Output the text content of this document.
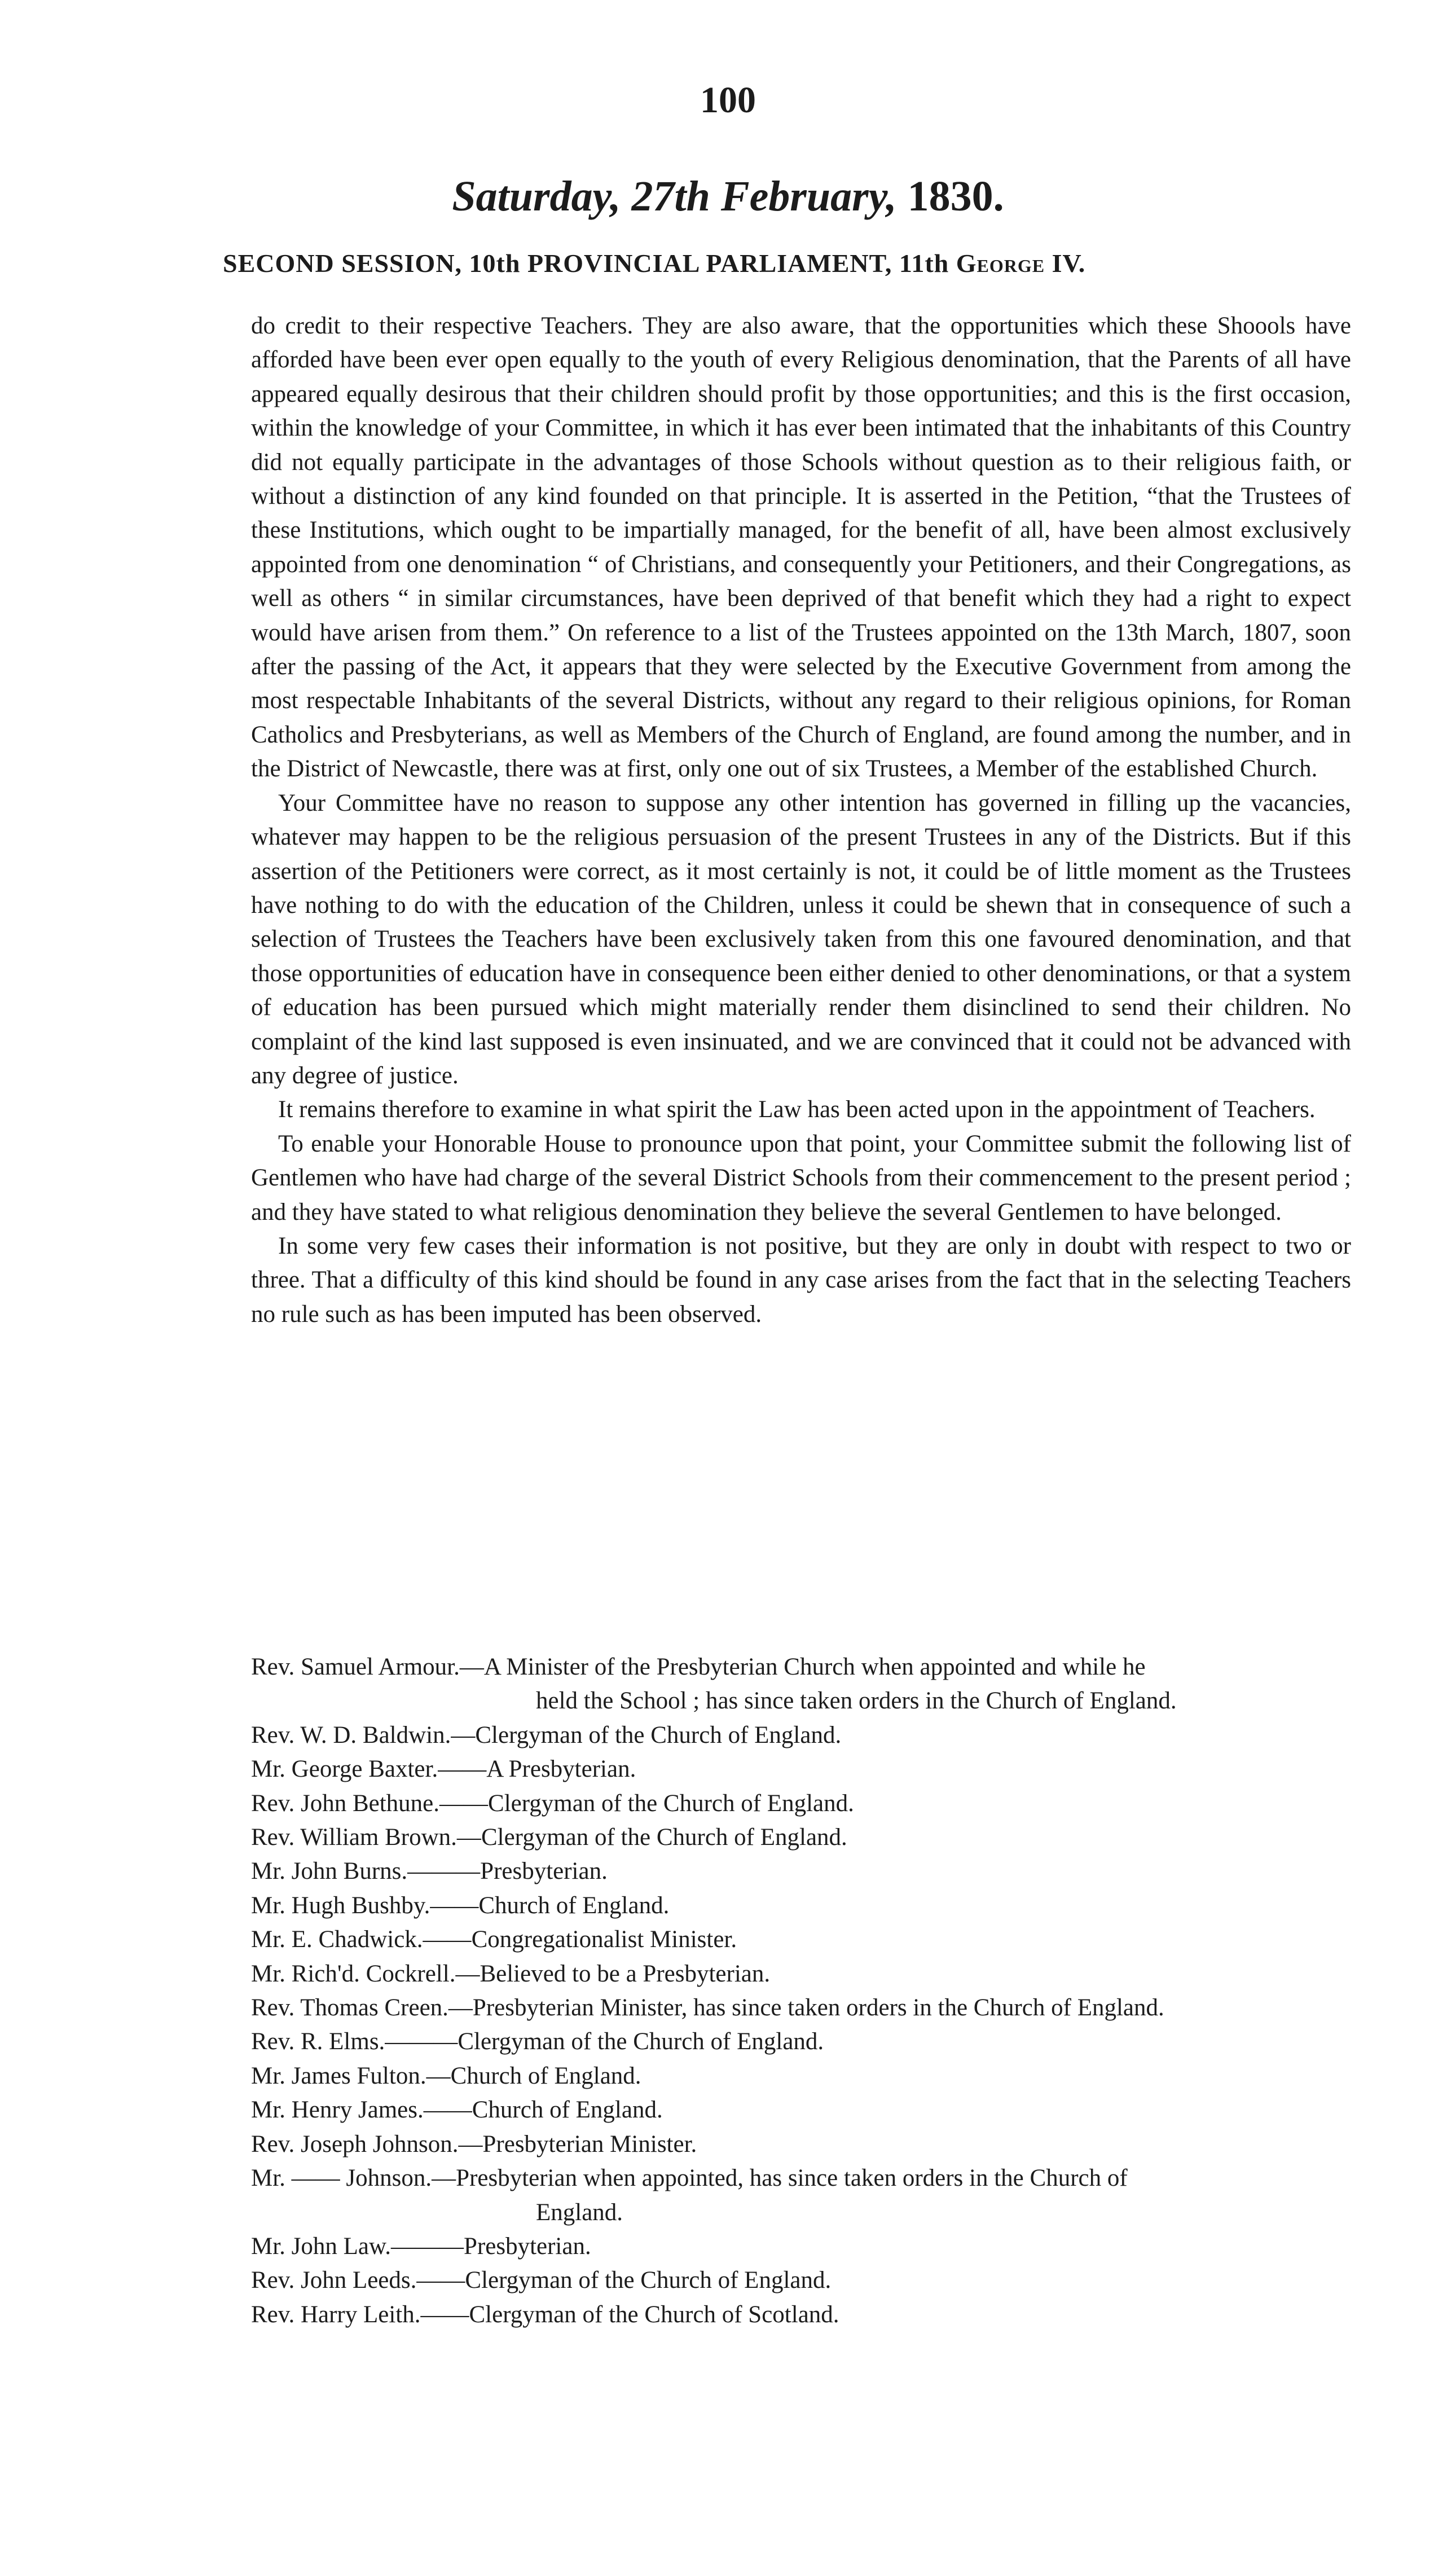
100
Saturday, 27th February, 1830.
SECOND SESSION, 10th PROVINCIAL PARLIAMENT, 11th George IV.

do credit to their respective Teachers. They are also aware, that the opportunities which these Shoools have afforded have been ever open equally to the youth of every Religious denomination, that the Parents of all have appeared equally desirous that their children should profit by those opportunities; and this is the first occasion, within the knowledge of your Committee, in which it has ever been intimated that the inhabitants of this Country did not equally participate in the advantages of those Schools without question as to their religious faith, or without a distinction of any kind founded on that principle. It is asserted in the Petition, “that the Trustees of these Institutions, which ought to be impartially managed, for the benefit of all, have been almost exclusively appointed from one denomination “ of Christians, and consequently your Petitioners, and their Congregations, as well as others “ in similar circumstances, have been deprived of that benefit which they had a right to expect would have arisen from them.” On reference to a list of the Trustees appointed on the 13th March, 1807, soon after the passing of the Act, it appears that they were selected by the Executive Government from among the most respectable Inhabitants of the several Districts, without any regard to their religious opinions, for Roman Catholics and Presbyterians, as well as Members of the Church of England, are found among the number, and in the District of Newcastle, there was at first, only one out of six Trustees, a Member of the established Church.

Your Committee have no reason to suppose any other intention has governed in filling up the vacancies, whatever may happen to be the religious persuasion of the present Trustees in any of the Districts. But if this assertion of the Petitioners were correct, as it most certainly is not, it could be of little moment as the Trustees have nothing to do with the education of the Children, unless it could be shewn that in consequence of such a selection of Trustees the Teachers have been exclusively taken from this one favoured denomination, and that those opportunities of education have in consequence been either denied to other denominations, or that a system of education has been pursued which might materially render them disinclined to send their children. No complaint of the kind last supposed is even insinuated, and we are convinced that it could not be advanced with any degree of justice.

It remains therefore to examine in what spirit the Law has been acted upon in the appointment of Teachers.

To enable your Honorable House to pronounce upon that point, your Committee submit the following list of Gentlemen who have had charge of the several District Schools from their commencement to the present period ; and they have stated to what religious denomination they believe the several Gentlemen to have belonged.

In some very few cases their information is not positive, but they are only in doubt with respect to two or three. That a difficulty of this kind should be found in any case arises from the fact that in the selecting Teachers no rule such as has been imputed has been observed.

Rev. Samuel Armour.—A Minister of the Presbyterian Church when appointed and while he
held the School ; has since taken orders in the Church of England.
Rev. W. D. Baldwin.—Clergyman of the Church of England.
Mr. George Baxter.——A Presbyterian.
Rev. John Bethune.——Clergyman of the Church of England.
Rev. William Brown.—Clergyman of the Church of England.
Mr. John Burns.———Presbyterian.
Mr. Hugh Bushby.——Church of England.
Mr. E. Chadwick.——Congregationalist Minister.
Mr. Rich'd. Cockrell.—Believed to be a Presbyterian.
Rev. Thomas Creen.—Presbyterian Minister, has since taken orders in the Church of England.
Rev. R. Elms.———Clergyman of the Church of England.
Mr. James Fulton.—Church of England.
Mr. Henry James.——Church of England.
Rev. Joseph Johnson.—Presbyterian Minister.
Mr. —— Johnson.—Presbyterian when appointed, has since taken orders in the Church of
England.
Mr. John Law.———Presbyterian.
Rev. John Leeds.——Clergyman of the Church of England.
Rev. Harry Leith.——Clergyman of the Church of Scotland.
